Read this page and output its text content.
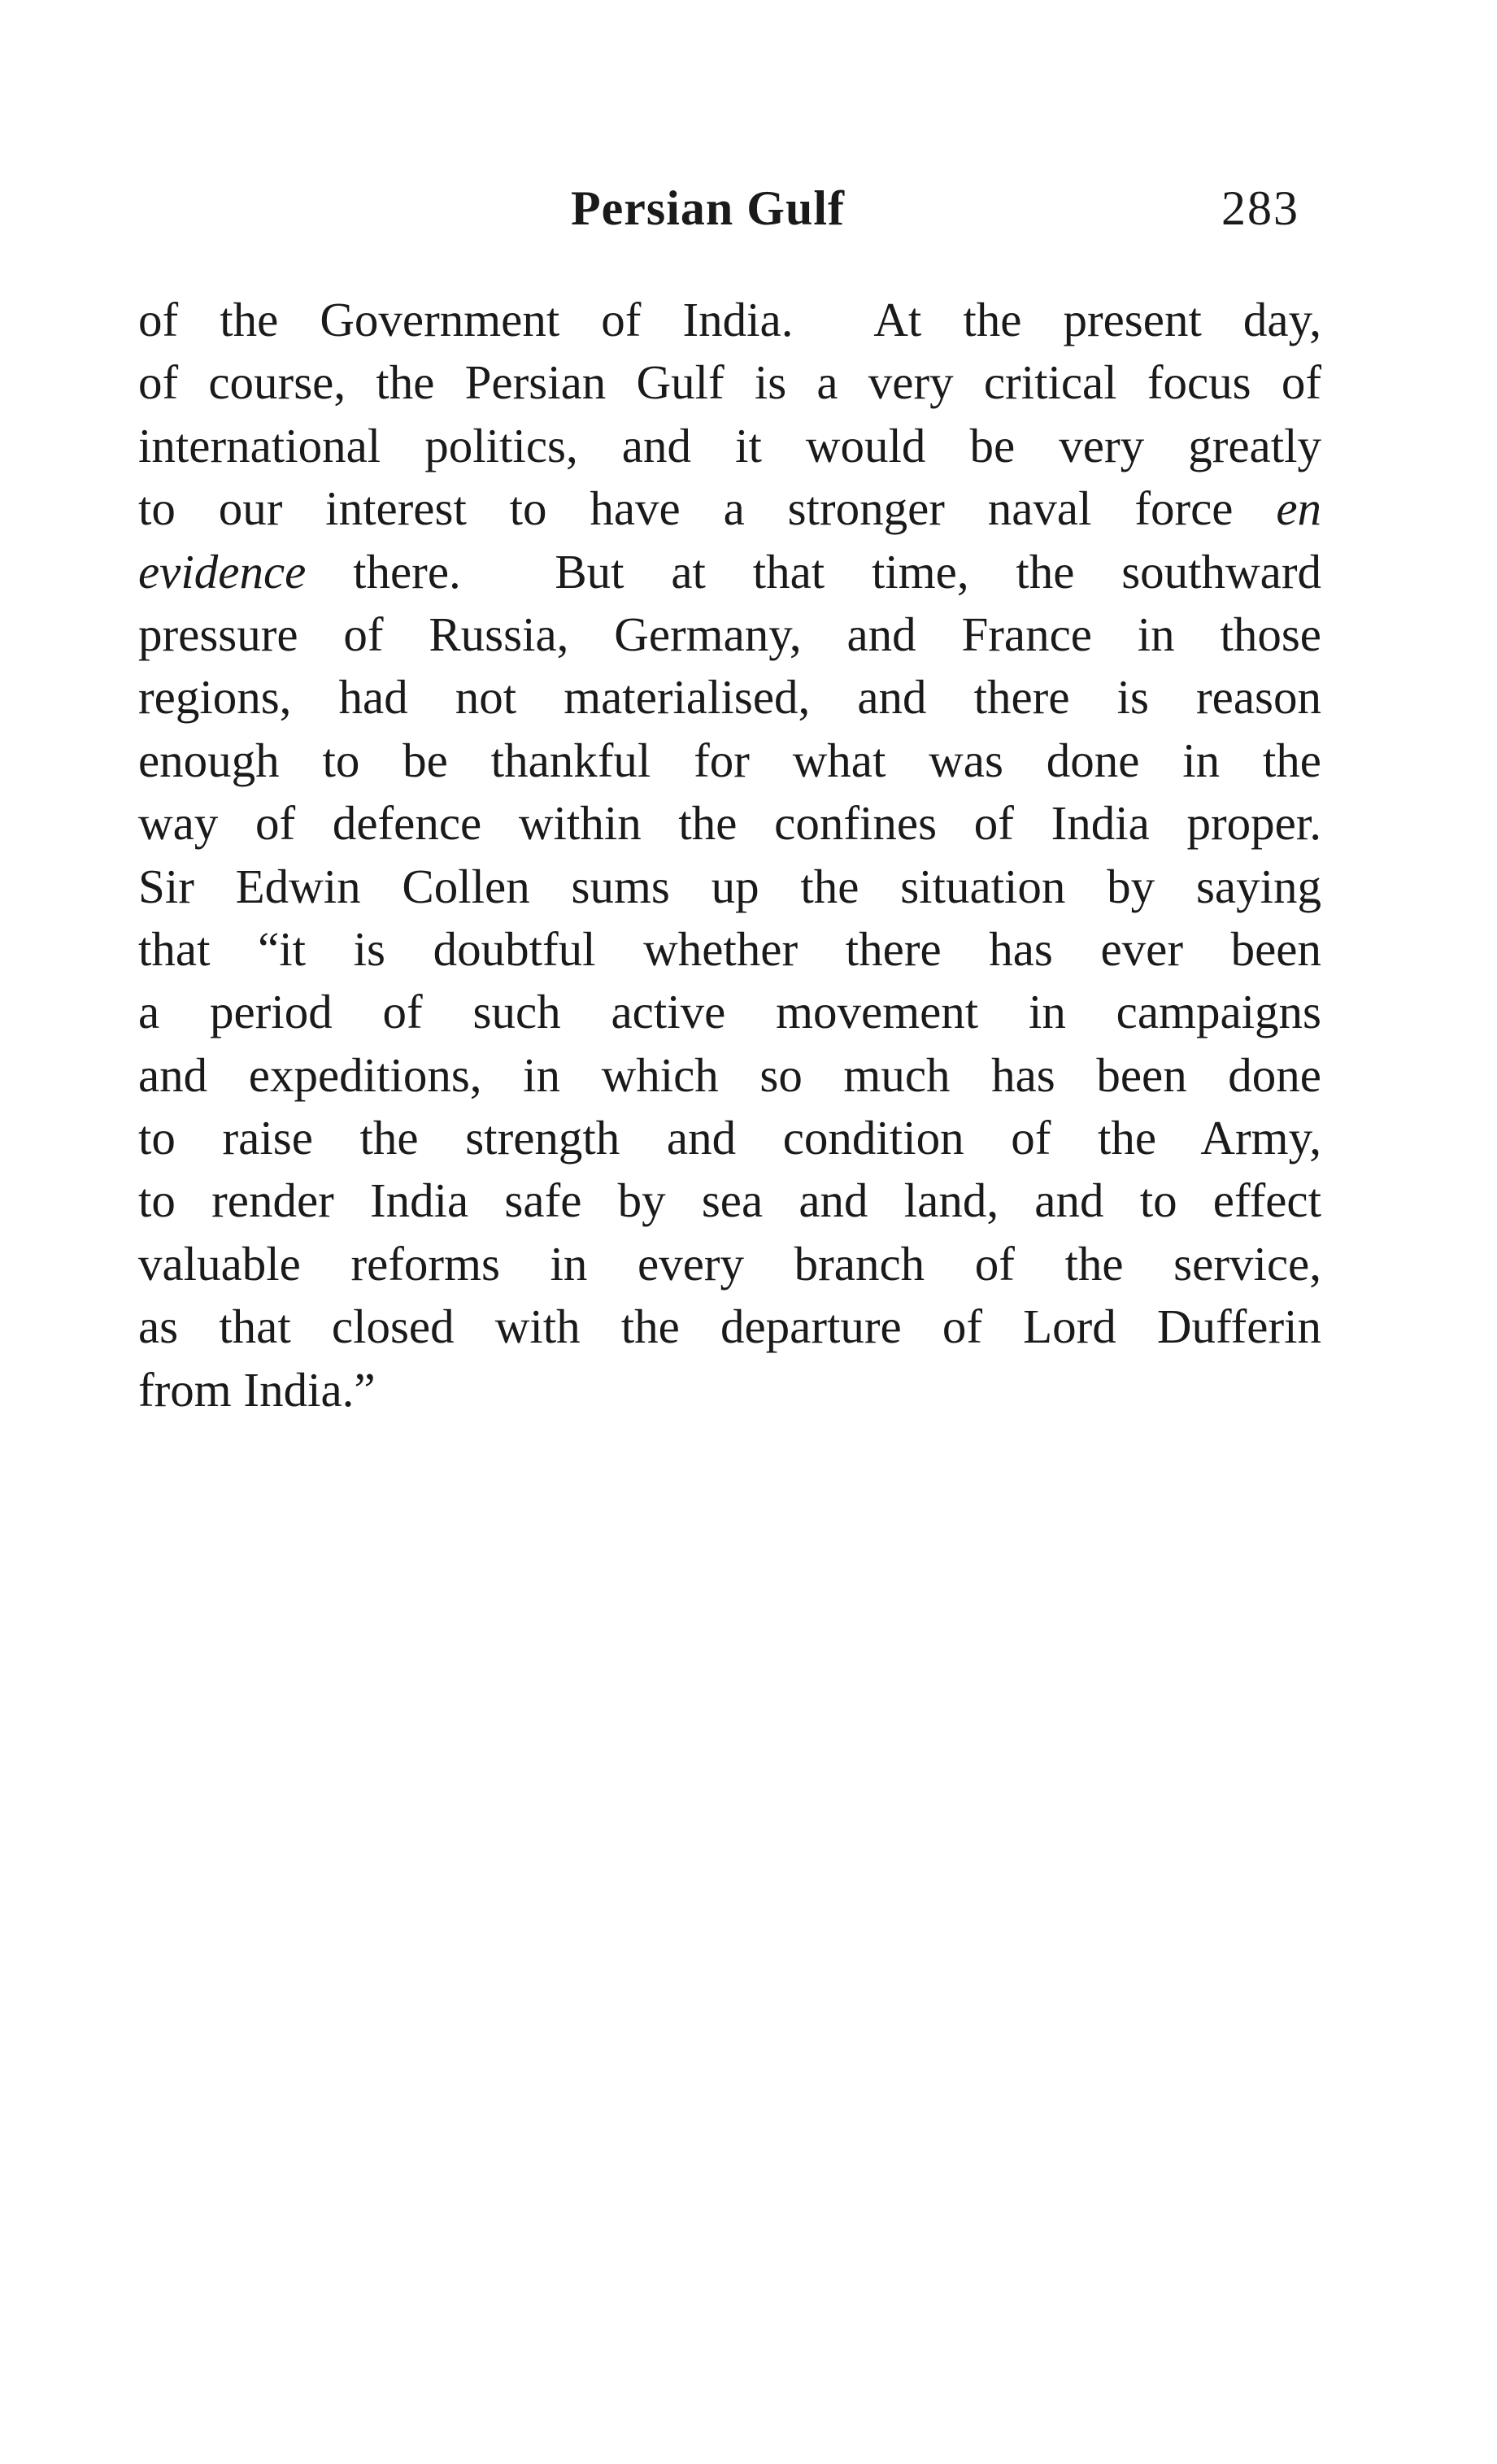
Persian Gulf	283
of the Government of India.  At the present day,
of course, the Persian Gulf is a very critical focus of
international politics, and it would be very greatly
to our interest to have a stronger naval force en
evidence there.  But at that time, the southward
pressure of Russia, Germany, and France in those
regions, had not materialised, and there is reason
enough to be thankful for what was done in the
way of defence within the confines of India proper.
Sir Edwin Collen sums up the situation by saying
that “it is doubtful whether there has ever been
a period of such active movement in campaigns
and expeditions, in which so much has been done
to raise the strength and condition of the Army,
to render India safe by sea and land, and to effect
valuable reforms in every branch of the service,
as that closed with the departure of Lord Dufferin
from India.”
